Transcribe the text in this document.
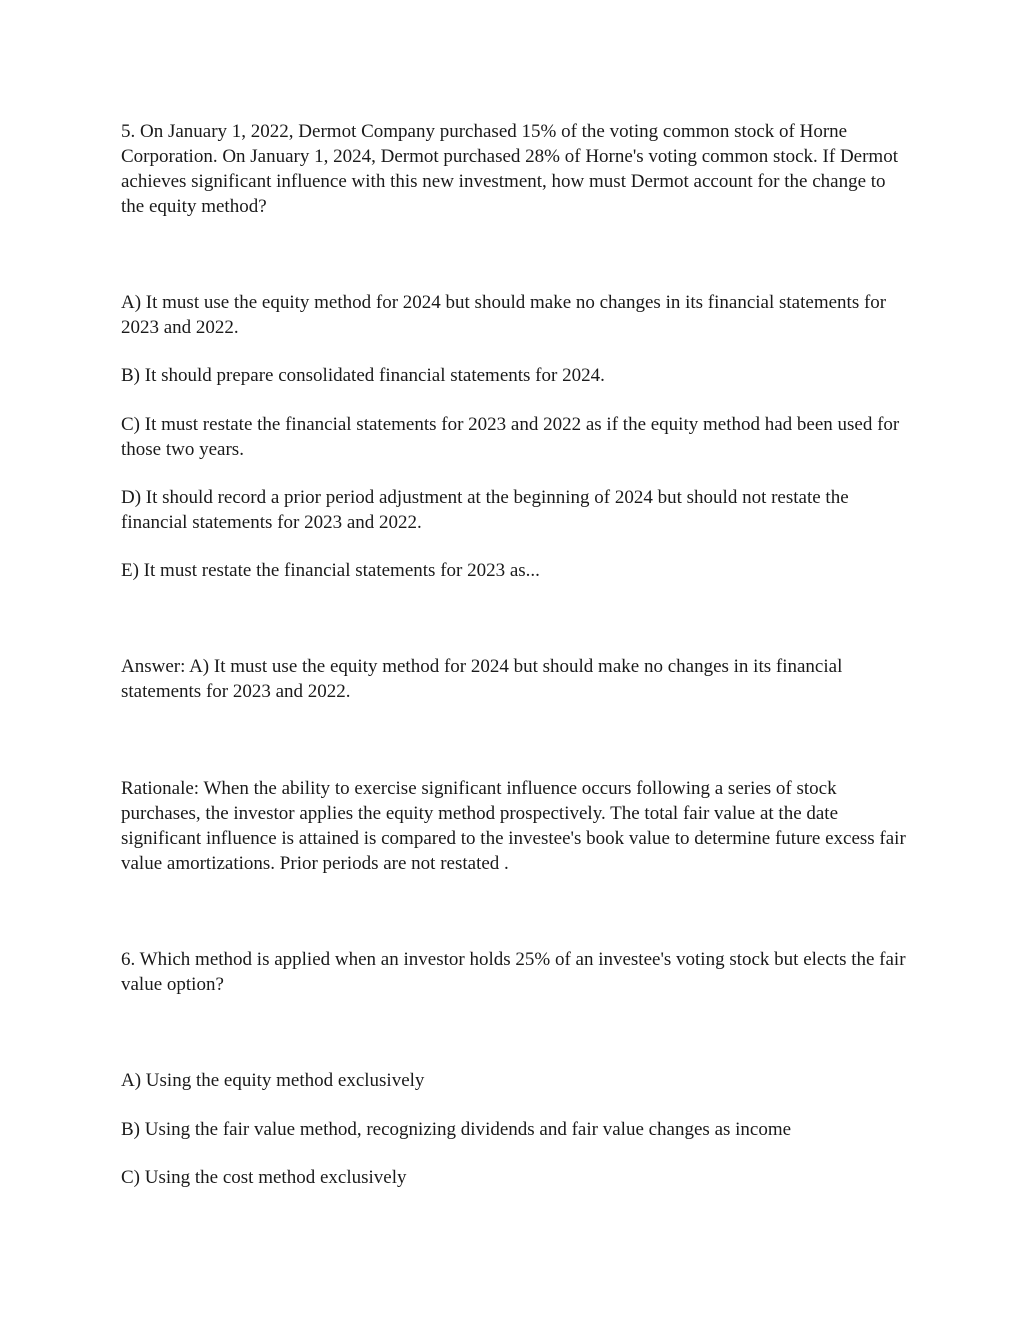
5. On January 1, 2022, Dermot Company purchased 15% of the voting common stock of Horne Corporation. On January 1, 2024, Dermot purchased 28% of Horne's voting common stock. If Dermot achieves significant influence with this new investment, how must Dermot account for the change to the equity method?

A) It must use the equity method for 2024 but should make no changes in its financial statements for 2023 and 2022.

B) It should prepare consolidated financial statements for 2024.

C) It must restate the financial statements for 2023 and 2022 as if the equity method had been used for those two years.

D) It should record a prior period adjustment at the beginning of 2024 but should not restate the financial statements for 2023 and 2022.

E) It must restate the financial statements for 2023 as...

Answer: A) It must use the equity method for 2024 but should make no changes in its financial statements for 2023 and 2022.

Rationale: When the ability to exercise significant influence occurs following a series of stock purchases, the investor applies the equity method prospectively. The total fair value at the date significant influence is attained is compared to the investee's book value to determine future excess fair value amortizations. Prior periods are not restated .

6. Which method is applied when an investor holds 25% of an investee's voting stock but elects the fair value option?

A) Using the equity method exclusively

B) Using the fair value method, recognizing dividends and fair value changes as income

C) Using the cost method exclusively
